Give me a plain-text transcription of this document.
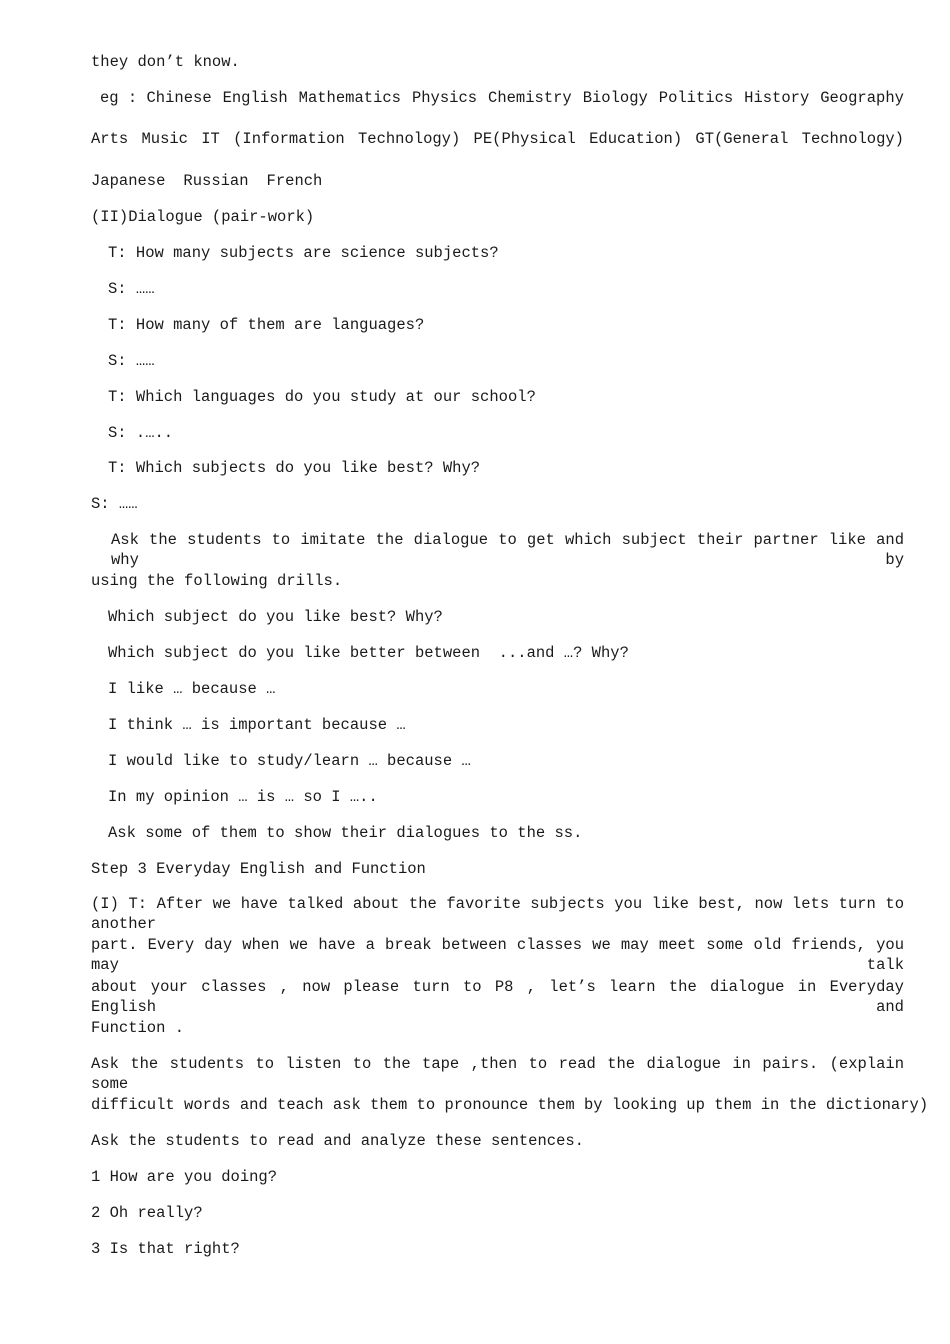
they don’t know.
eg : Chinese English Mathematics Physics Chemistry Biology Politics History Geography
Arts Music IT (Information Technology) PE(Physical Education) GT(General Technology)
Japanese Russian French
(II)Dialogue (pair-work)
T: How many subjects are science subjects?
S: ……
T: How many of them are languages?
S: ……
T: Which languages do you study at our school?
S: .…..
T: Which subjects do you like best? Why?
S: ……
Ask the students to imitate the dialogue to get which subject their partner like and why by
using the following drills.
Which subject do you like best? Why?
Which subject do you like better between  ...and …? Why?
I like … because …
I think … is important because …
I would like to study/learn … because …
In my opinion … is … so I …..
Ask some of them to show their dialogues to the ss.
Step 3 Everyday English and Function
(I) T: After we have talked about the favorite subjects you like best, now lets turn to another
part. Every day when we have a break between classes we may meet some old friends, you may talk
about your classes , now please turn to P8 , let’s learn the dialogue in Everyday English and
Function .
Ask the students to listen to the tape ,then to read the dialogue in pairs. (explain some
difficult words and teach ask them to pronounce them by looking up them in the dictionary)
Ask the students to read and analyze these sentences.
1 How are you doing?
2 Oh really?
3 Is that right?
